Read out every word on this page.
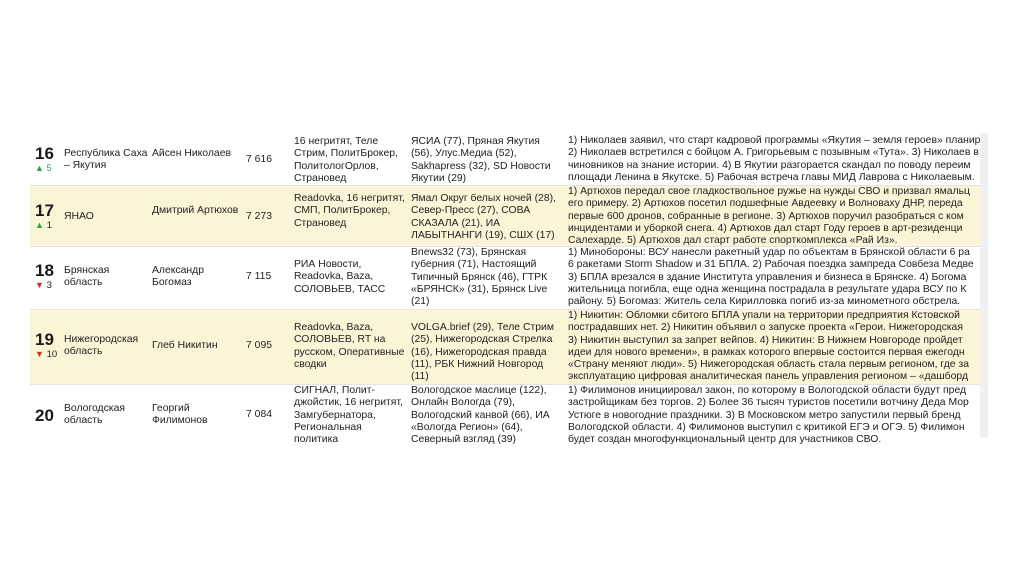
16
▲ 5
Республика Саха – Якутия
Айсен Николаев
7 616
16 негритят, Теле Стрим, ПолитБрокер, ПолитологОрлов, Страновед
ЯСИА (77), Пряная Якутия (56), Улус.Медиа (52), Sakhapress (32), SD Новости Якутии (29)

1) Николаев заявил, что старт кадровой программы «Якутия – земля героев» планир

2) Николаев встретился с бойцом А. Григорьевым с позывным «Тута». 3) Николаев в

чиновников на знание истории. 4) В Якутии разгорается скандал по поводу переим

площади Ленина в Якутске. 5) Рабочая встреча главы МИД Лаврова с Николаевым.

17
▲ 1
ЯНАО
Дмитрий Артюхов
7 273
Readovka, 16 негритят, СМП, ПолитБрокер, Страновед
Ямал Округ белых ночей (28), Север-Пресс (27), СОВА СКАЗАЛА (21), ИА ЛАБЫТНАНГИ (19), СШХ (17)

1) Артюхов передал свое гладкоствольное ружье на нужды СВО и призвал ямальц

его примеру. 2) Артюхов посетил подшефные Авдеевку и Волноваху ДНР, переда

первые 600 дронов, собранные в регионе. 3) Артюхов поручил разобраться с ком

инцидентами и уборкой снега. 4) Артюхов дал старт Году героев в арт-резиденци

Салехарде. 5) Артюхов дал старт работе спорткомплекса «Рай Из».

18
▼ 3
Брянская область
Александр Богомаз
7 115
РИА Новости, Readovka, Baza, СОЛОВЬЕВ, ТАСС
Bnews32 (73), Брянская губерния (71), Настоящий Типичный Брянск (46), ГТРК «БРЯНСК» (31), Брянск Live (21)

1) Минобороны: ВСУ нанесли ракетный удар по объектам в Брянской области 6 ра

6 ракетами Storm Shadow и 31 БПЛА. 2) Рабочая поездка зампреда Совбеза Медве

3) БПЛА врезался в здание Института управления и бизнеса в Брянске. 4) Богома

жительница погибла, еще одна женщина пострадала в результате удара ВСУ по К

району. 5) Богомаз: Житель села Кирилловка погиб из-за минометного обстрела.

19
▼ 10
Нижегородская область
Глеб Никитин	7 095
Readovka, Baza, СОЛОВЬЕВ, RT на русском, Оперативные сводки
VOLGA.brief (29), Теле Стрим (25), Нижегородская Стрелка (16), Нижегородская правда (11), РБК Нижний Новгород (11)

1) Никитин: Обломки сбитого БПЛА упали на территории предприятия Кстовской

пострадавших нет. 2) Никитин объявил о запуске проекта «Герои. Нижегородская

3) Никитин выступил за запрет вейпов. 4) Никитин: В Нижнем Новгороде пройдет

идеи для нового времени», в рамках которого впервые состоится первая ежегодн

«Страну меняют люди». 5) Нижегородская область стала первым регионом, где за

эксплуатацию цифровая аналитическая панель управления регионом – «дашборд

20 Вологодская область
Георгий Филимонов
7 084
СИГНАЛ, Полит-джойстик, 16 негритят, Замгубернатора, Региональная политика
Вологодское маслице (122), Онлайн Вологда (79), Вологодский канвой (66), ИА «Вологда Регион» (64), Северный взгляд (39)

1) Филимонов инициировал закон, по которому в Вологодской области будут пред

застройщикам без торгов. 2) Более 36 тысяч туристов посетили вотчину Деда Мор

Устюге в новогодние праздники. 3) В Московском метро запустили первый бренд

Вологодской области. 4) Филимонов выступил с критикой ЕГЭ и ОГЭ. 5) Филимон

будет создан многофункциональный центр для участников СВО.
